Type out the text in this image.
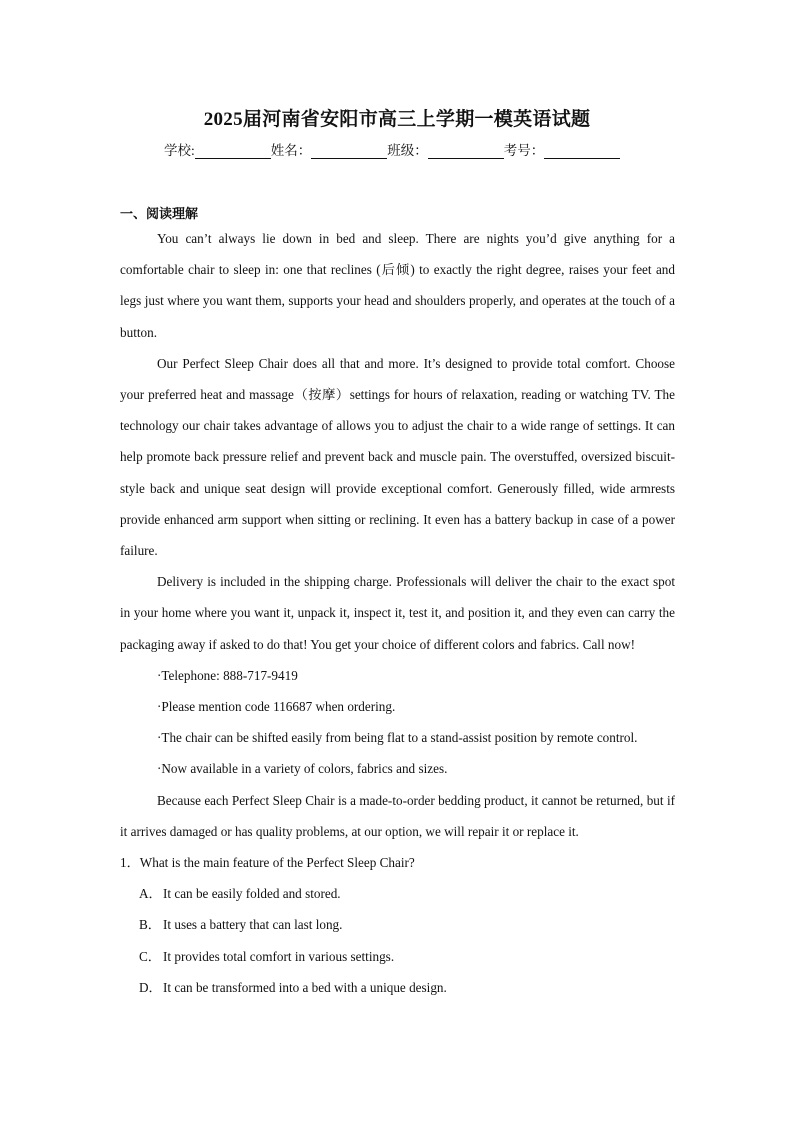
2025届河南省安阳市高三上学期一模英语试题
学校:	姓名：	班级：	考号：
一、阅读理解

You can’t always lie down in bed and sleep. There are nights you’d give anything for a comfortable chair to sleep in: one that reclines (后倾) to exactly the right degree, raises your feet and legs just where you want them, supports your head and shoulders properly, and operates at the touch of a button.

Our Perfect Sleep Chair does all that and more. It’s designed to provide total comfort. Choose your preferred heat and massage（按摩）settings for hours of relaxation, reading or watching TV. The technology our chair takes advantage of allows you to adjust the chair to a wide range of settings. It can help promote back pressure relief and prevent back and muscle pain. The overstuffed, oversized biscuit-style back and unique seat design will provide exceptional comfort. Generously filled, wide armrests provide enhanced arm support when sitting or reclining. It even has a battery backup in case of a power failure.

Delivery is included in the shipping charge. Professionals will deliver the chair to the exact spot in your home where you want it, unpack it, inspect it, test it, and position it, and they even can carry the packaging away if asked to do that! You get your choice of different colors and fabrics. Call now!

·Telephone: 888-717-9419
·Please mention code 116687 when ordering.
·The chair can be shifted easily from being flat to a stand-assist position by remote control.
·Now available in a variety of colors, fabrics and sizes.

Because each Perfect Sleep Chair is a made-to-order bedding product, it cannot be returned, but if it arrives damaged or has quality problems, at our option, we will repair it or replace it.

1．What is the main feature of the Perfect Sleep Chair?

A．It can be easily folded and stored.
B． It uses a battery that can last long.
C． It provides total comfort in various settings.
D．It can be transformed into a bed with a unique design.
